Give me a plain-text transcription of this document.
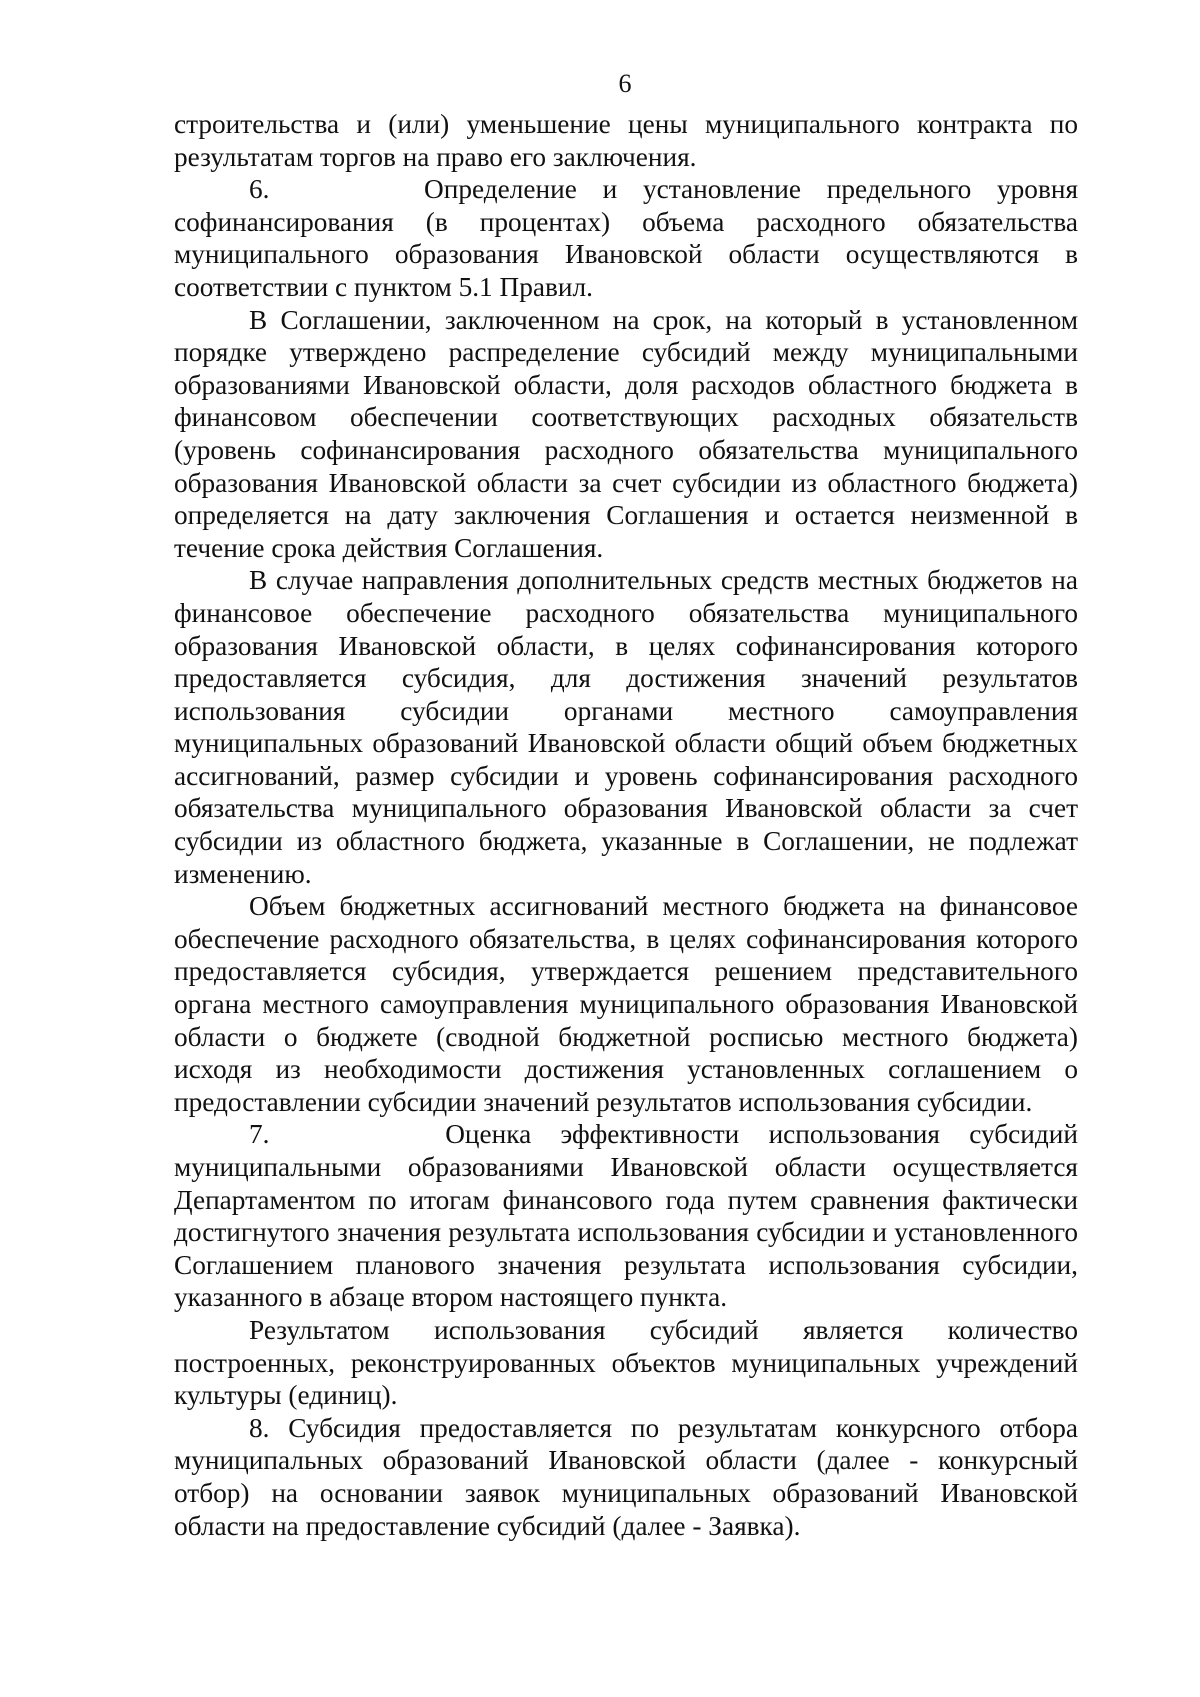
6

строительства и (или) уменьшение цены муниципального контракта по результатам торгов на право его заключения.

6.      Определение и установление предельного уровня софинансирования (в процентах) объема расходного обязательства муниципального образования Ивановской области осуществляются в соответствии с пунктом 5.1 Правил.

В Соглашении, заключенном на срок, на который в установленном порядке утверждено распределение субсидий между муниципальными образованиями Ивановской области, доля расходов областного бюджета в финансовом обеспечении соответствующих расходных обязательств (уровень софинансирования расходного обязательства муниципального образования Ивановской области за счет субсидии из областного бюджета) определяется на дату заключения Соглашения и остается неизменной в течение срока действия Соглашения.

В случае направления дополнительных средств местных бюджетов на финансовое обеспечение расходного обязательства муниципального образования Ивановской области, в целях софинансирования которого предоставляется субсидия, для достижения значений результатов использования субсидии органами местного самоуправления муниципальных образований Ивановской области общий объем бюджетных ассигнований, размер субсидии и уровень софинансирования расходного обязательства муниципального образования Ивановской области за счет субсидии из областного бюджета, указанные в Соглашении, не подлежат изменению.

Объем бюджетных ассигнований местного бюджета на финансовое обеспечение расходного обязательства, в целях софинансирования которого предоставляется субсидия, утверждается решением представительного органа местного самоуправления муниципального образования Ивановской области о бюджете (сводной бюджетной росписью местного бюджета) исходя из необходимости достижения установленных соглашением о предоставлении субсидии значений результатов использования субсидии.

7.      Оценка эффективности использования субсидий муниципальными образованиями Ивановской области осуществляется Департаментом по итогам финансового года путем сравнения фактически достигнутого значения результата использования субсидии и установленного Соглашением планового значения результата использования субсидии, указанного в абзаце втором настоящего пункта.

Результатом использования субсидий является количество построенных, реконструированных объектов муниципальных учреждений культуры (единиц).

8. Субсидия предоставляется по результатам конкурсного отбора муниципальных образований Ивановской области (далее - конкурсный отбор) на основании заявок муниципальных образований Ивановской области на предоставление субсидий (далее - Заявка).
